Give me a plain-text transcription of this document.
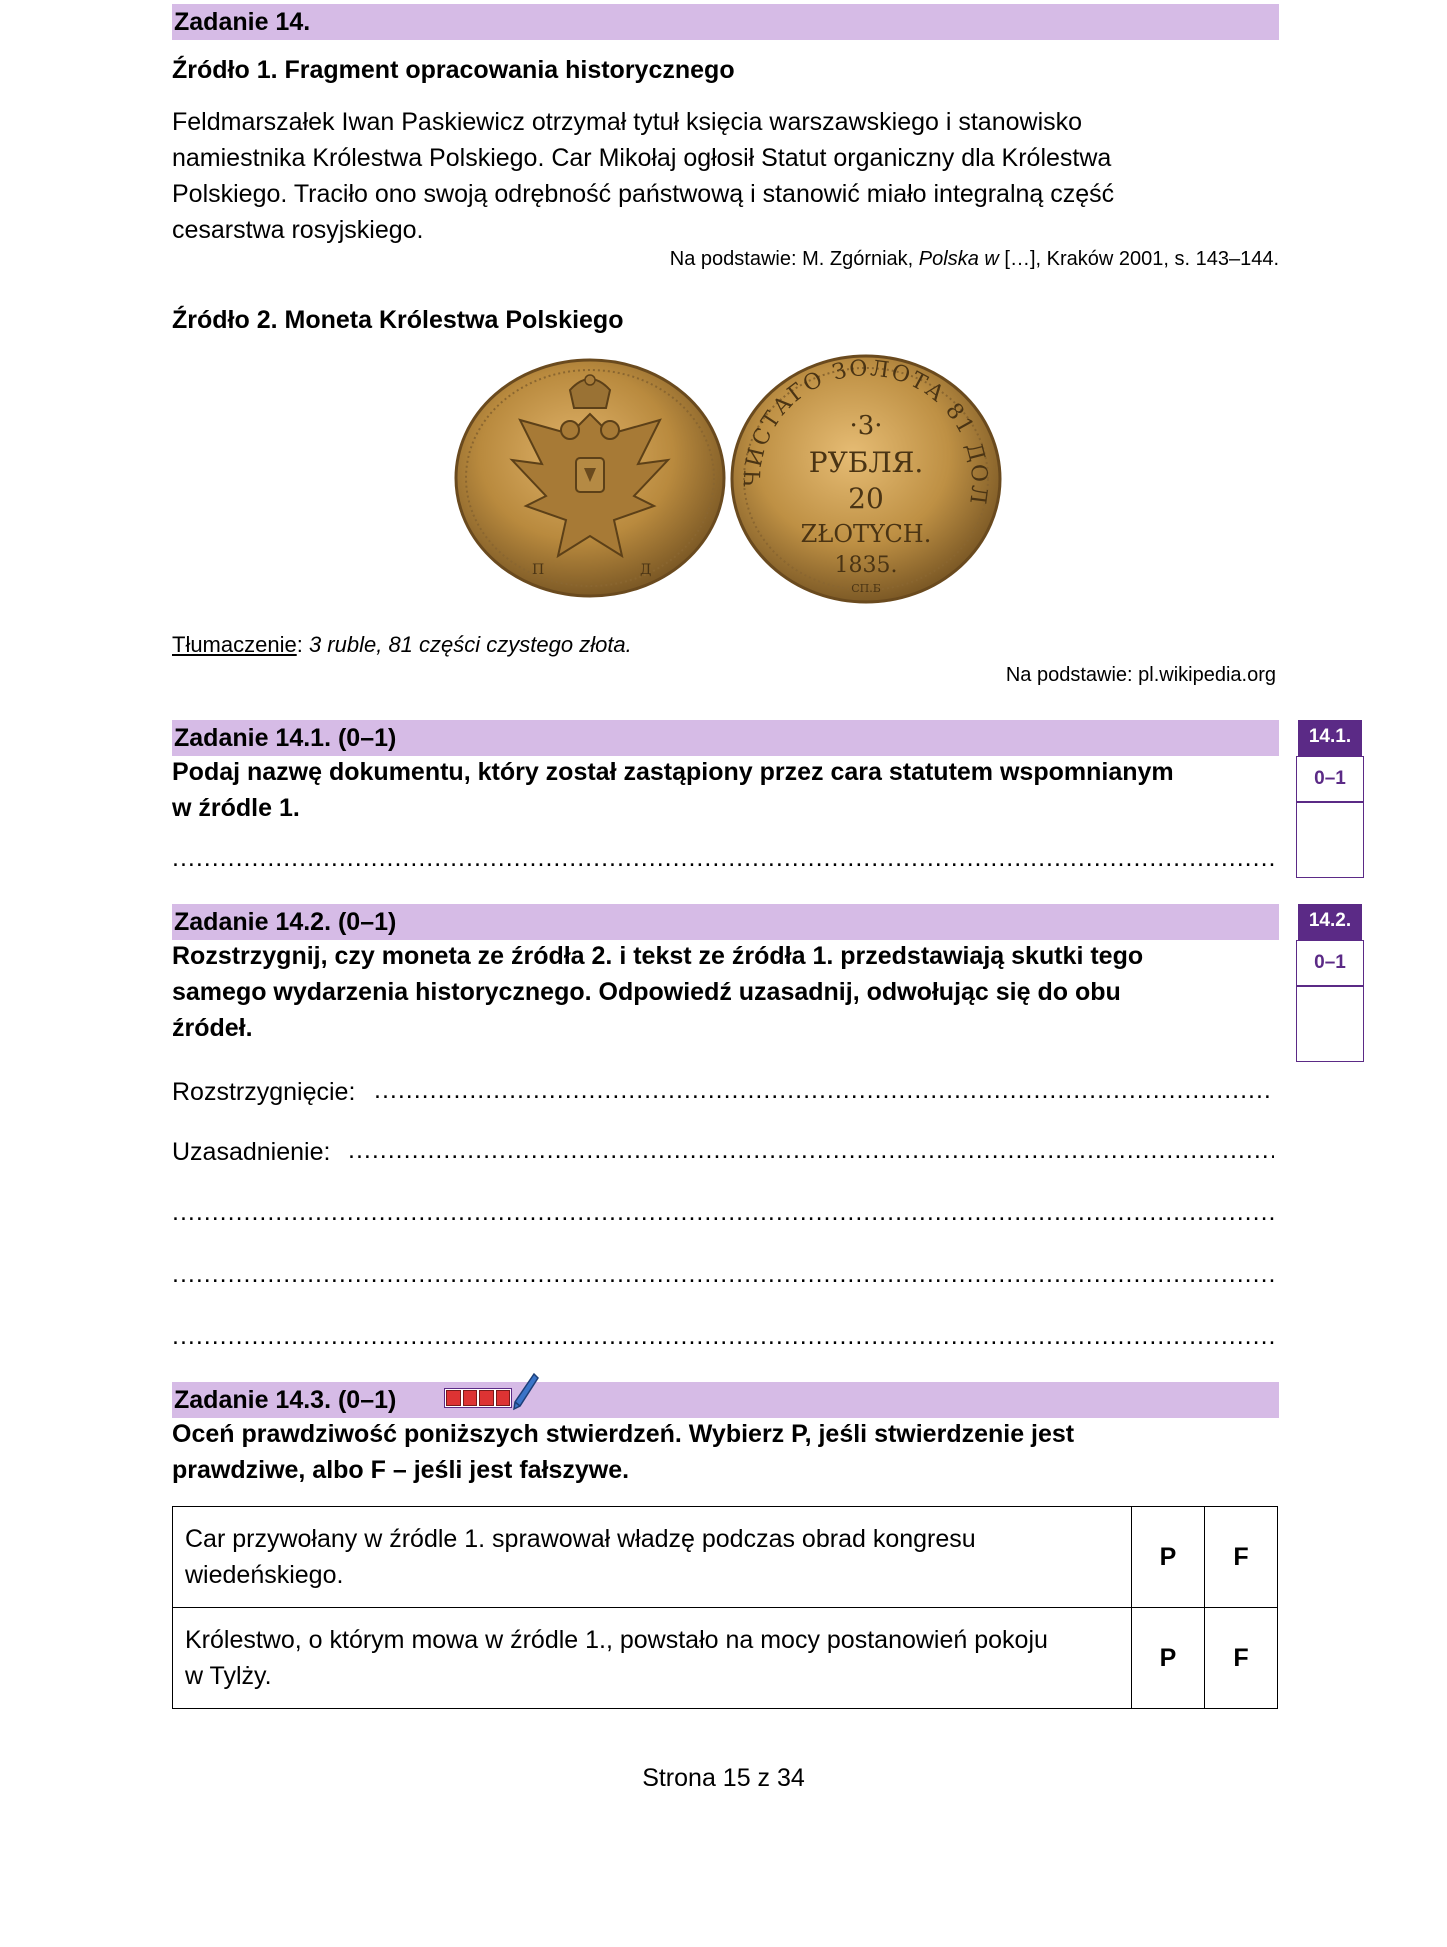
Zadanie 14.
Źródło 1. Fragment opracowania historycznego
Feldmarszałek Iwan Paskiewicz otrzymał tytuł księcia warszawskiego i stanowisko
namiestnika Królestwa Polskiego. Car Mikołaj ogłosił Statut organiczny dla Królestwa
Polskiego. Traciło ono swoją odrębność państwową i stanowić miało integralną część
cesarstwa rosyjskiego.
Na podstawie: M. Zgórniak, Polska w […], Kraków 2001, s. 143–144.
Źródło 2. Moneta Królestwa Polskiego
П	Д
ЧИСТАГО ЗОЛОТА 81 ДОЛ
·3·
РУБЛЯ.
20
ZŁOTYCH.
1835.
СП.Б
Tłumaczenie: 3 ruble, 81 części czystego złota.
Na podstawie: pl.wikipedia.org
Zadanie 14.1. (0–1)
Podaj nazwę dokumentu, który został zastąpiony przez cara statutem wspomnianym
w źródle 1.
.....
14.1.
0–1
Zadanie 14.2. (0–1)
Rozstrzygnij, czy moneta ze źródła 2. i tekst ze źródła 1. przedstawiają skutki tego
samego wydarzenia historycznego. Odpowiedź uzasadnij, odwołując się do obu
źródeł.
Rozstrzygnięcie:
.....
Uzasadnienie:
.....
.....
.....
.....
14.2.
0–1
Zadanie 14.3. (0–1)
Oceń prawdziwość poniższych stwierdzeń. Wybierz P, jeśli stwierdzenie jest
prawdziwe, albo F – jeśli jest fałszywe.
Car przywołany w źródle 1. sprawował władzę podczas obrad kongresu
wiedeńskiego.	P	F

Królestwo, o którym mowa w źródle 1., powstało na mocy postanowień pokoju
w Tylży.	P	F
Strona 15 z 34
